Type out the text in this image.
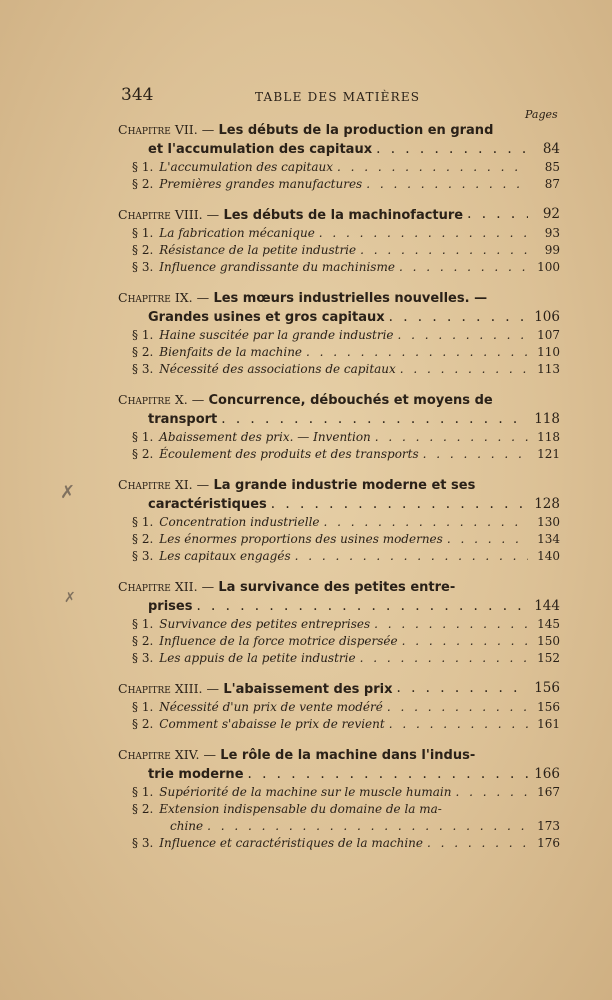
344	TABLE DES MATIÈRES
Pages
✗
✗
Chapitre VII. — Les débuts de la production en grand
et l'accumulation des capitaux . . .	84
§ 1. L'accumulation des capitaux . . .	85
§ 2. Premières grandes manufactures . . .	87
Chapitre VIII. — Les débuts de la machinofacture . . .	92
§ 1. La fabrication mécanique . . .	93
§ 2. Résistance de la petite industrie . . .	99
§ 3. Influence grandissante du machinisme . . .	100
Chapitre IX. — Les mœurs industrielles nouvelles. —
Grandes usines et gros capitaux . . .	106
§ 1. Haine suscitée par la grande industrie . . .	107
§ 2. Bienfaits de la machine . . .	110
§ 3. Nécessité des associations de capitaux . . .	113
Chapitre X. — Concurrence, débouchés et moyens de
transport . . .	118
§ 1. Abaissement des prix. — Invention . . .	118
§ 2. Écoulement des produits et des transports . . .	121
Chapitre XI. — La grande industrie moderne et ses
caractéristiques . . .	128
§ 1. Concentration industrielle . . .	130
§ 2. Les énormes proportions des usines modernes . . .	134
§ 3. Les capitaux engagés . . .	140
Chapitre XII. — La survivance des petites entre-
prises . . .	144
§ 1. Survivance des petites entreprises . . .	145
§ 2. Influence de la force motrice dispersée . . .	150
§ 3. Les appuis de la petite industrie . . .	152
Chapitre XIII. — L'abaissement des prix . . .	156
§ 1. Nécessité d'un prix de vente modéré . . .	156
§ 2. Comment s'abaisse le prix de revient . . .	161
Chapitre XIV. — Le rôle de la machine dans l'indus-
trie moderne . . .	166
§ 1. Supériorité de la machine sur le muscle humain . . .	167
§ 2. Extension indispensable du domaine de la ma-
chine . . .	173
§ 3. Influence et caractéristiques de la machine . . .	176
